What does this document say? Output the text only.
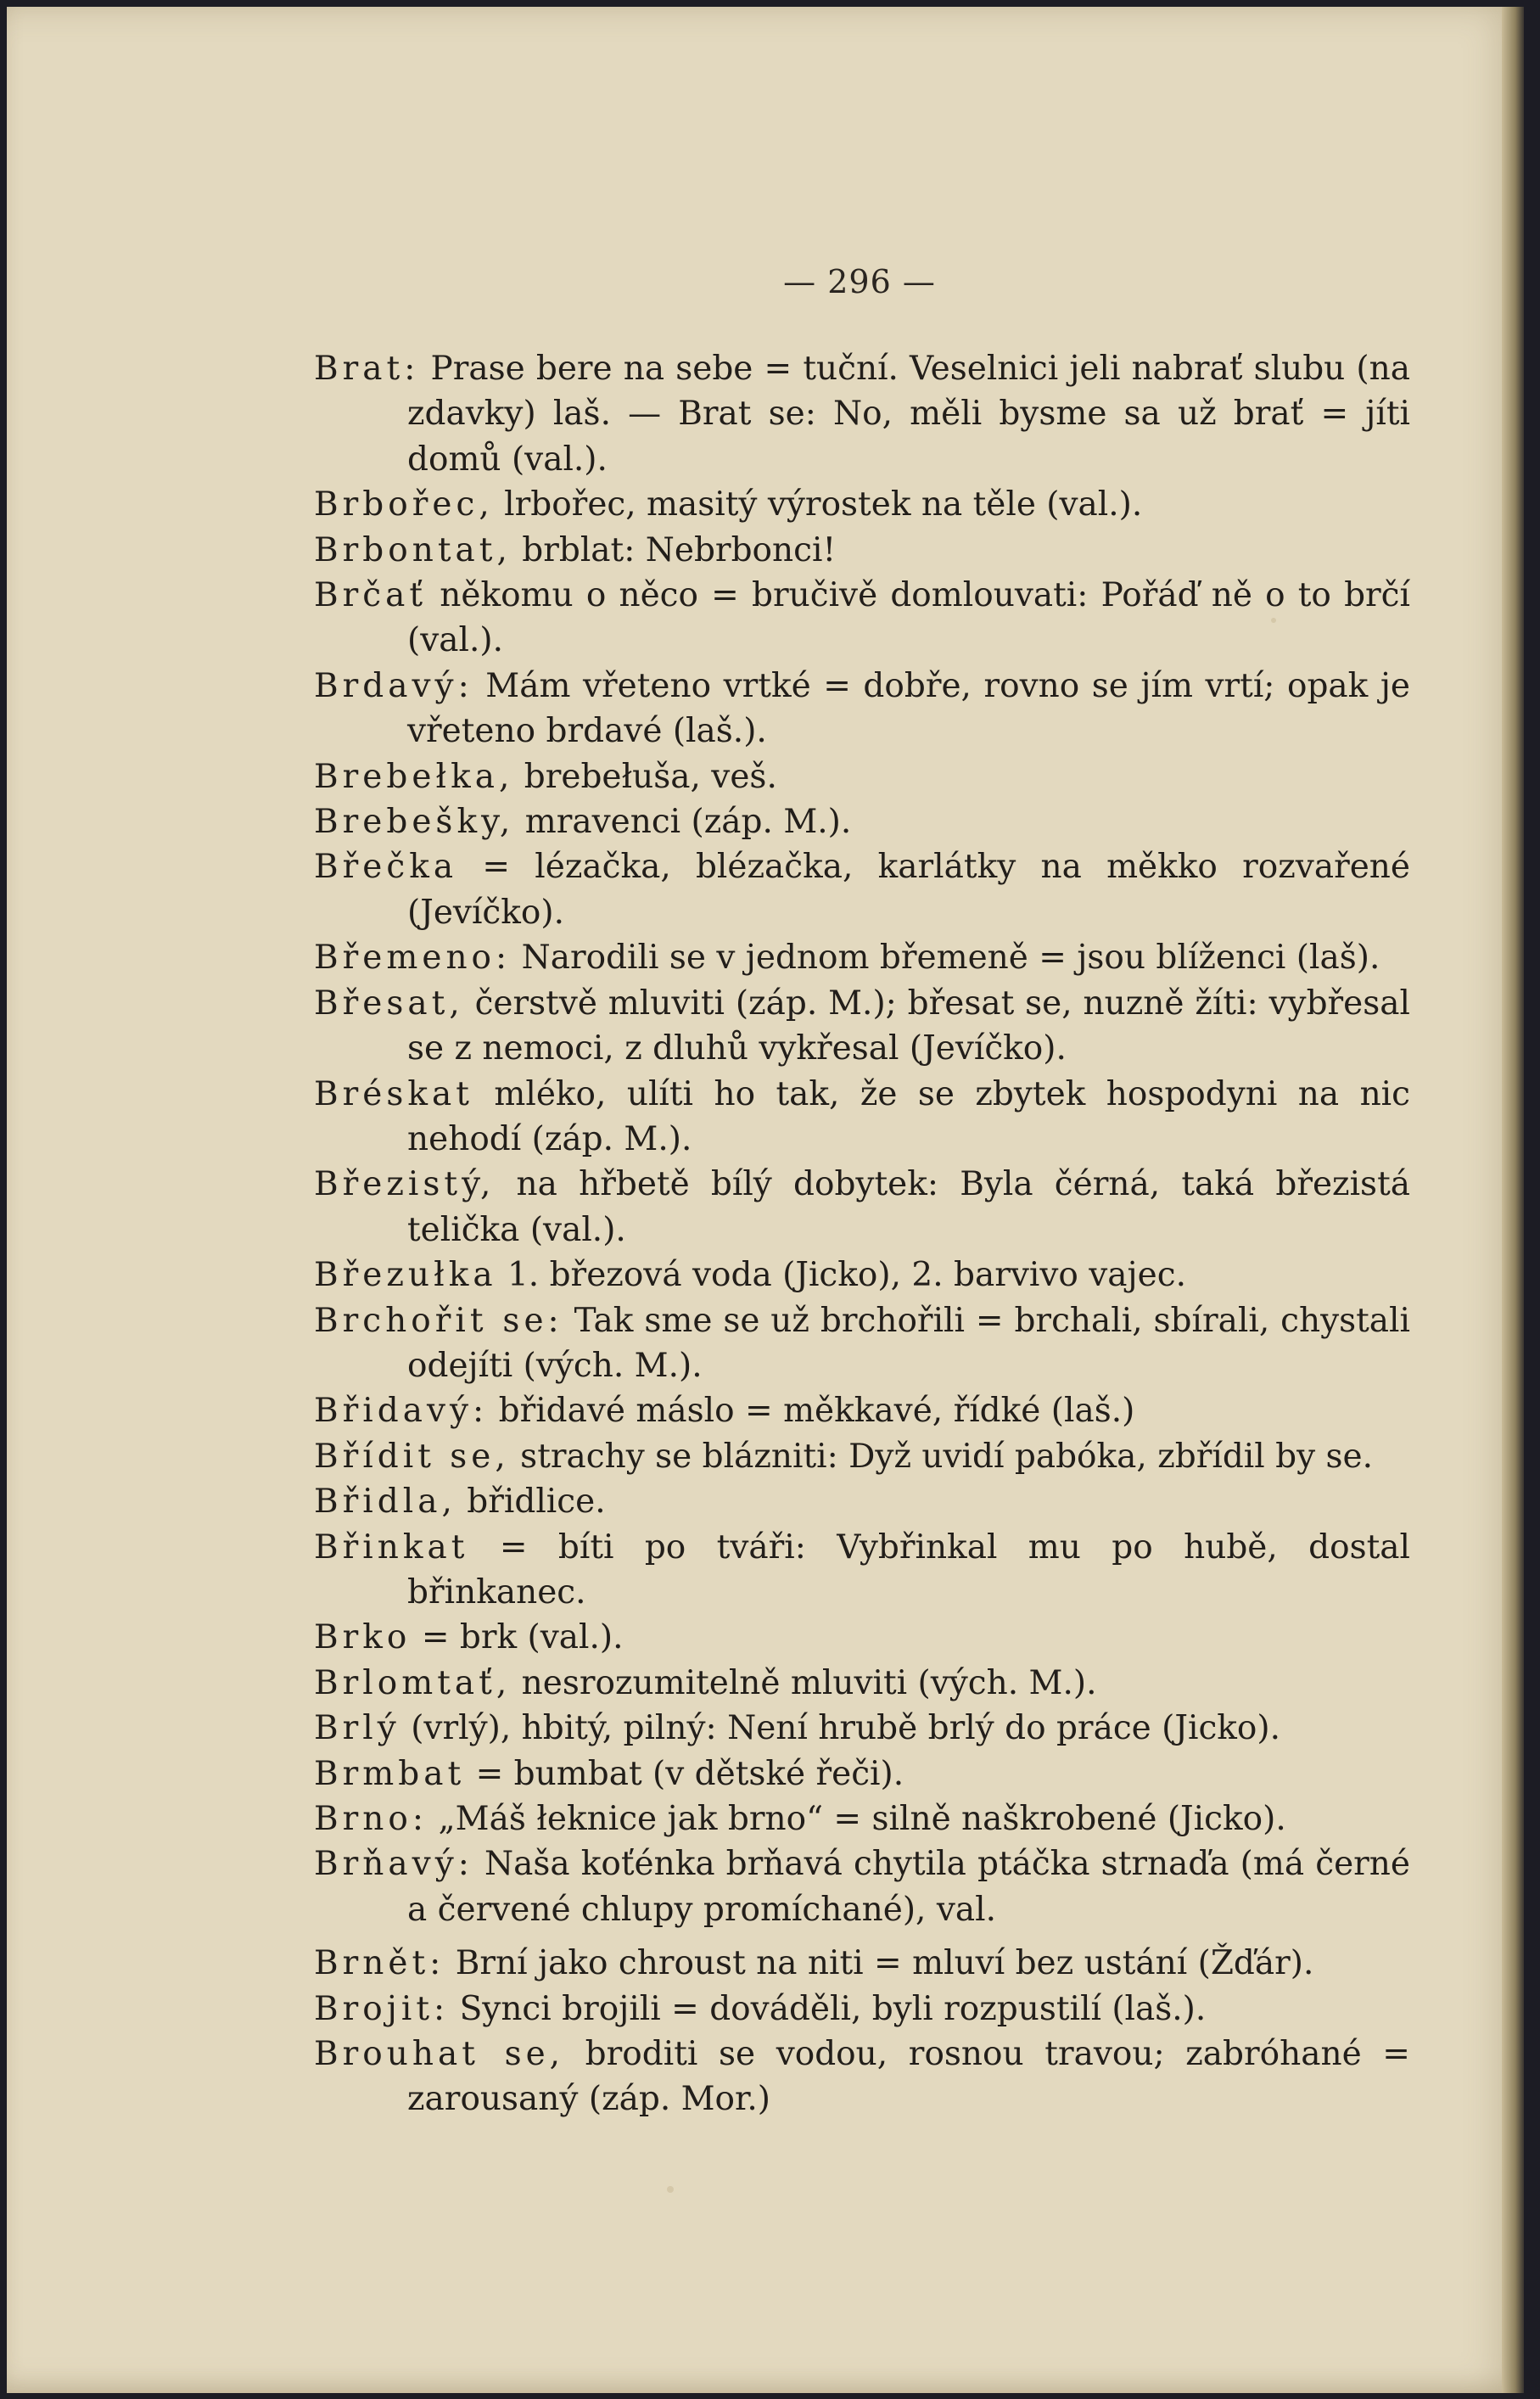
— 296 —

Brat: Prase bere na sebe = tuční. Veselnici jeli nabrať slubu (na zdavky) laš. — Brat se: No, měli bysme sa už brať = jíti domů (val.).

Brbořec, lrbořec, masitý výrostek na těle (val.).

Brbontat, brblat: Nebrbonci!

Brčať někomu o něco = bručivě domlouvati: Pořáď ně o to brčí (val.).

Brdavý: Mám vřeteno vrtké = dobře, rovno se jím vrtí; opak je vřeteno brdavé (laš.).

Brebełka, brebełuša, veš.

Brebešky, mravenci (záp. M.).

Břečka = lézačka, blézačka, karlátky na měkko rozvařené (Jevíčko).

Břemeno: Narodili se v jednom břemeně = jsou blíženci (laš).

Břesat, čerstvě mluviti (záp. M.); břesat se, nuzně žíti: vybřesal se z nemoci, z dluhů vykřesal (Jevíčko).

Bréskat mléko, ulíti ho tak, že se zbytek hospodyni na nic nehodí (záp. M.).

Březistý, na hřbetě bílý dobytek: Byla čérná, taká březistá telička (val.).

Březułka 1. březová voda (Jicko), 2. barvivo vajec.

Brchořit se: Tak sme se už brchořili = brchali, sbírali, chystali odejíti (vých. M.).

Břidavý: břidavé máslo = měkkavé, řídké (laš.)

Břídit se, strachy se blázniti: Dyž uvidí pabóka, zbřídil by se.

Břidla, břidlice.

Břinkat = bíti po tváři: Vybřinkal mu po hubě, dostal břinkanec.

Brko = brk (val.).

Brlomtať, nesrozumitelně mluviti (vých. M.).

Brlý (vrlý), hbitý, pilný: Není hrubě brlý do práce (Jicko).

Brmbat = bumbat (v dětské řeči).

Brno: „Máš łeknice jak brno“ = silně naškrobené (Jicko).

Brňavý: Naša koťénka brňavá chytila ptáčka strnaďa (má černé a červené chlupy promíchané), val.

Brnět: Brní jako chroust na niti = mluví bez ustání (Žďár).

Brojit: Synci brojili = dováděli, byli rozpustilí (laš.).

Brouhat se, broditi se vodou, rosnou travou; zabróhané = zarousaný (záp. Mor.)
